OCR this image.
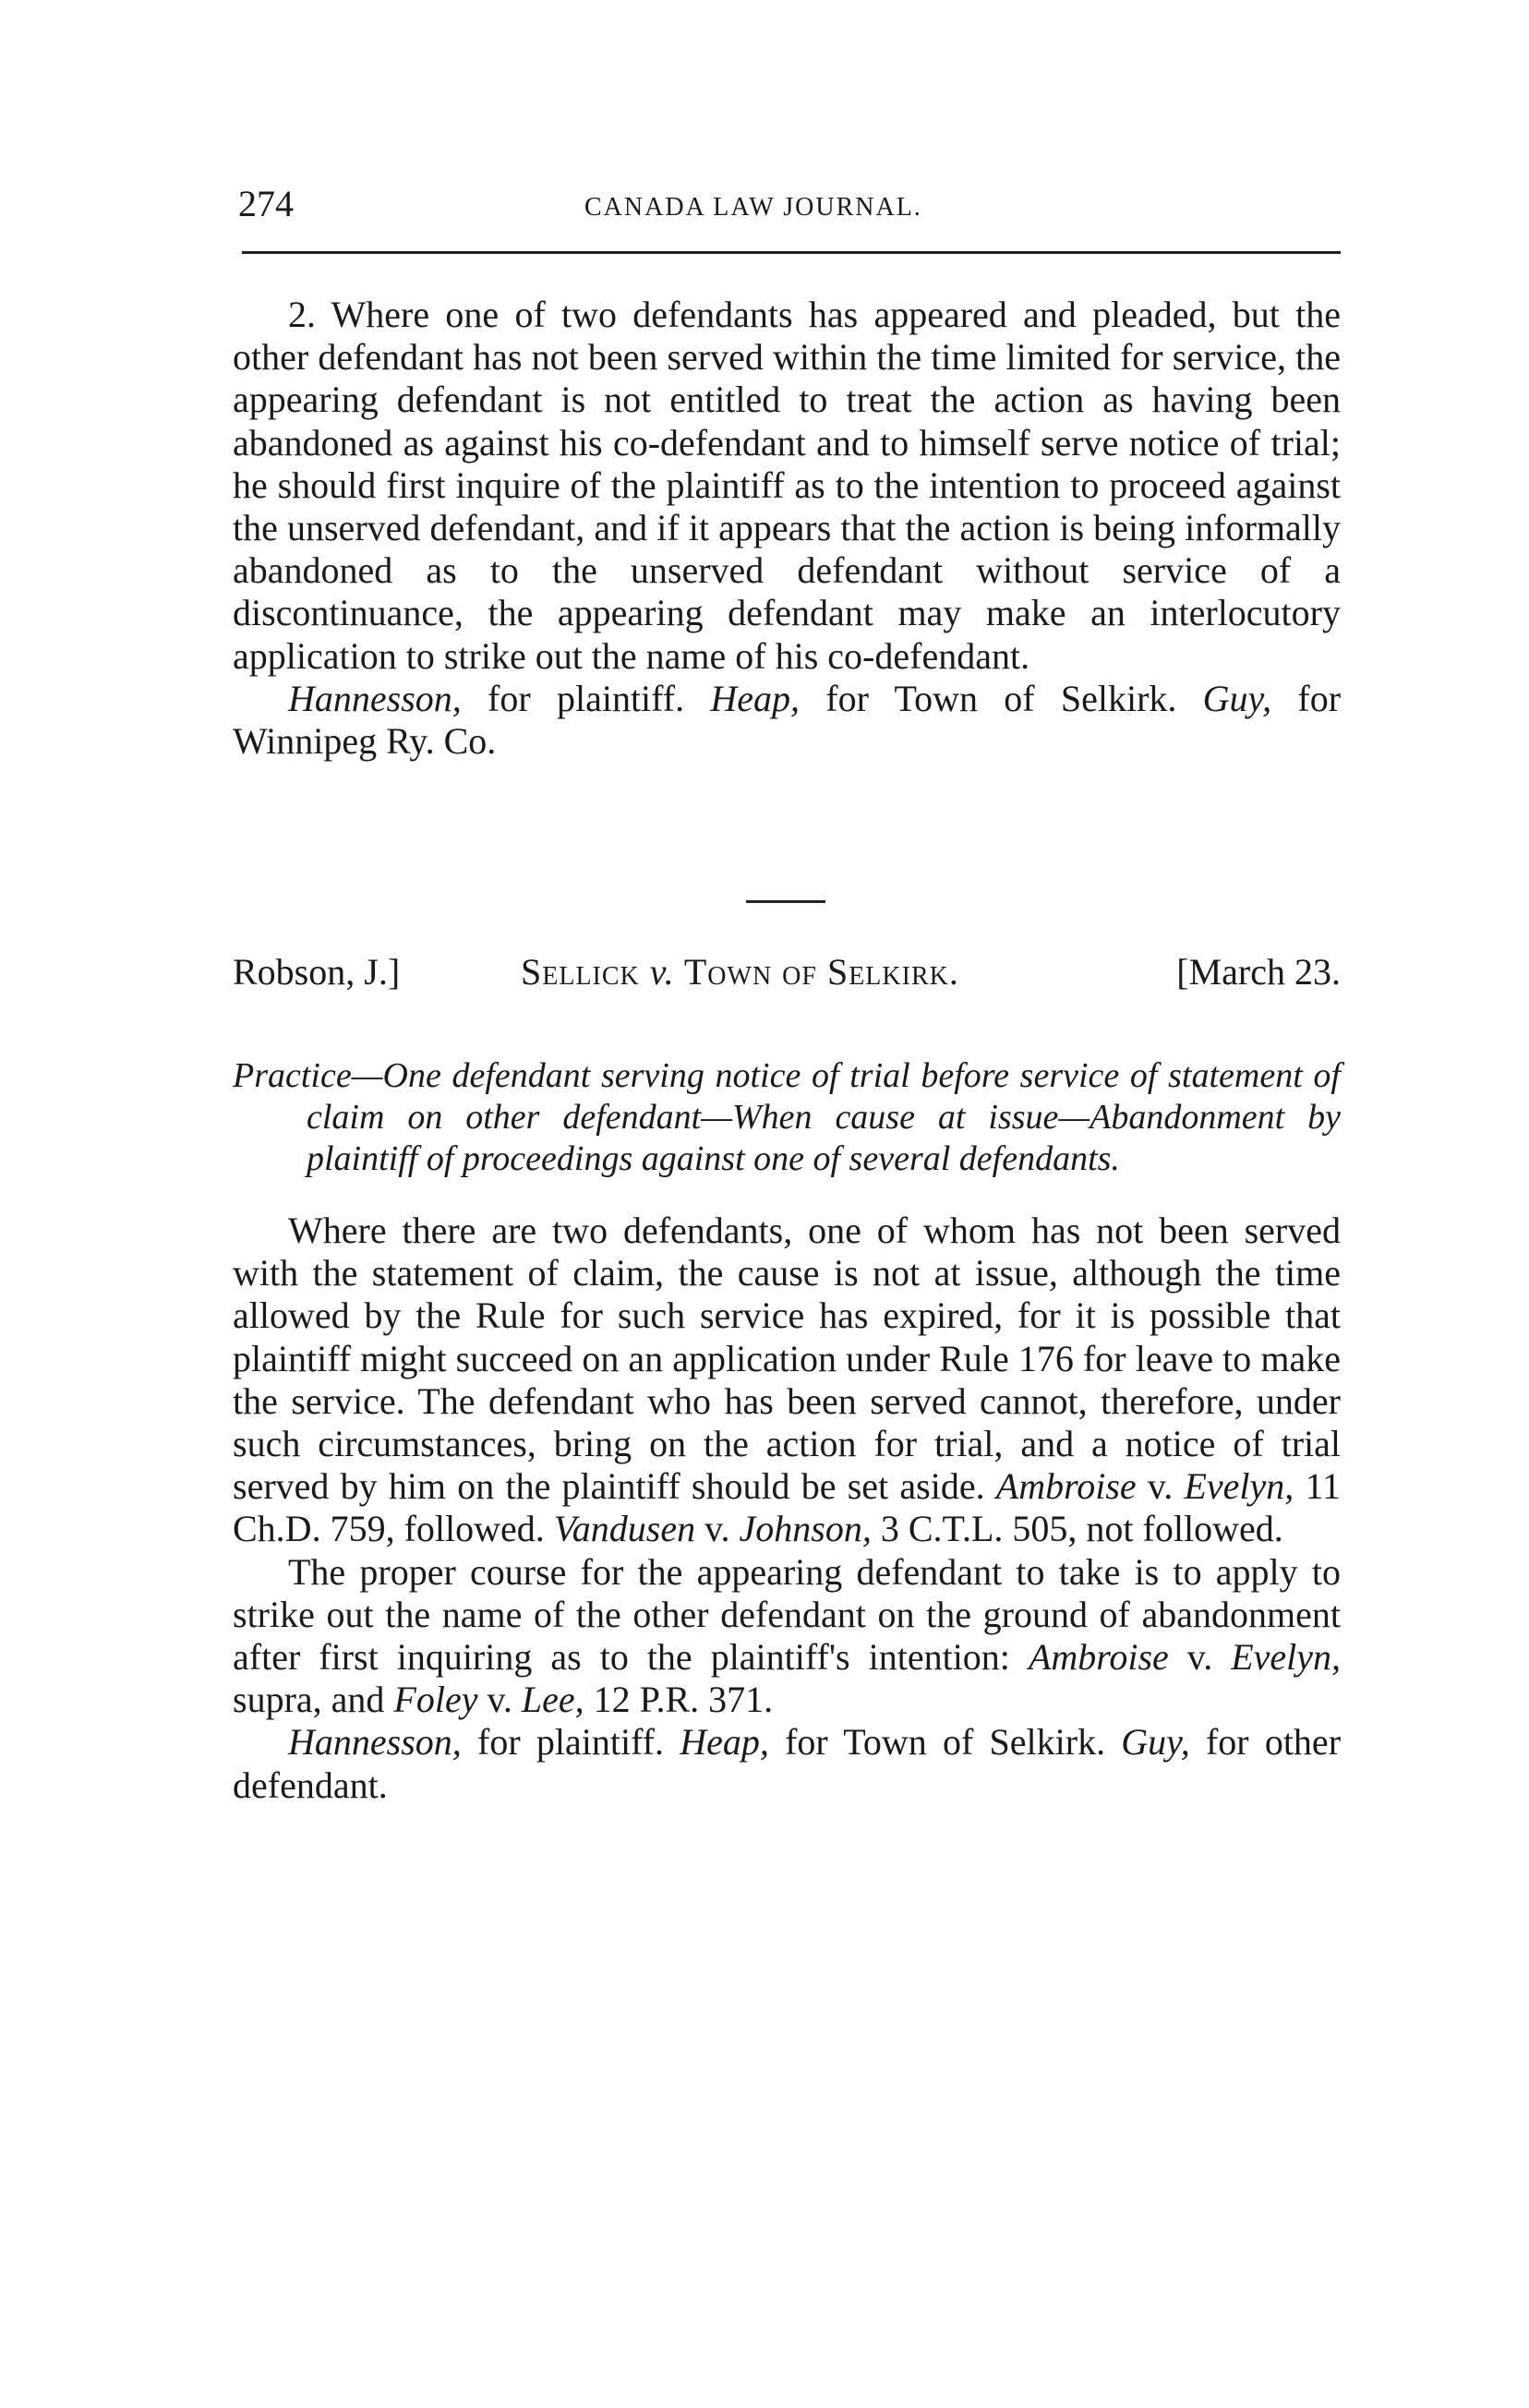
274	CANADA LAW JOURNAL.

2. Where one of two defendants has appeared and pleaded, but the other defendant has not been served within the time limited for service, the appearing defendant is not entitled to treat the action as having been abandoned as against his co-defendant and to himself serve notice of trial; he should first inquire of the plaintiff as to the intention to proceed against the unserved defendant, and if it appears that the action is being informally abandoned as to the unserved defendant without service of a discontinuance, the appearing defendant may make an interlocutory application to strike out the name of his co-defendant.

Hannesson, for plaintiff. Heap, for Town of Selkirk. Guy, for Winnipeg Ry. Co.

Robson, J.]	Sellick v. Town of Selkirk.	[March 23.

Practice—One defendant serving notice of trial before service of statement of claim on other defendant—When cause at issue—Abandonment by plaintiff of proceedings against one of several defendants.

Where there are two defendants, one of whom has not been served with the statement of claim, the cause is not at issue, although the time allowed by the Rule for such service has expired, for it is possible that plaintiff might succeed on an application under Rule 176 for leave to make the service. The defendant who has been served cannot, therefore, under such circumstances, bring on the action for trial, and a notice of trial served by him on the plaintiff should be set aside. Ambroise v. Evelyn, 11 Ch.D. 759, followed. Vandusen v. Johnson, 3 C.T.L. 505, not followed.

The proper course for the appearing defendant to take is to apply to strike out the name of the other defendant on the ground of abandonment after first inquiring as to the plaintiff's intention: Ambroise v. Evelyn, supra, and Foley v. Lee, 12 P.R. 371.

Hannesson, for plaintiff. Heap, for Town of Selkirk. Guy, for other defendant.
